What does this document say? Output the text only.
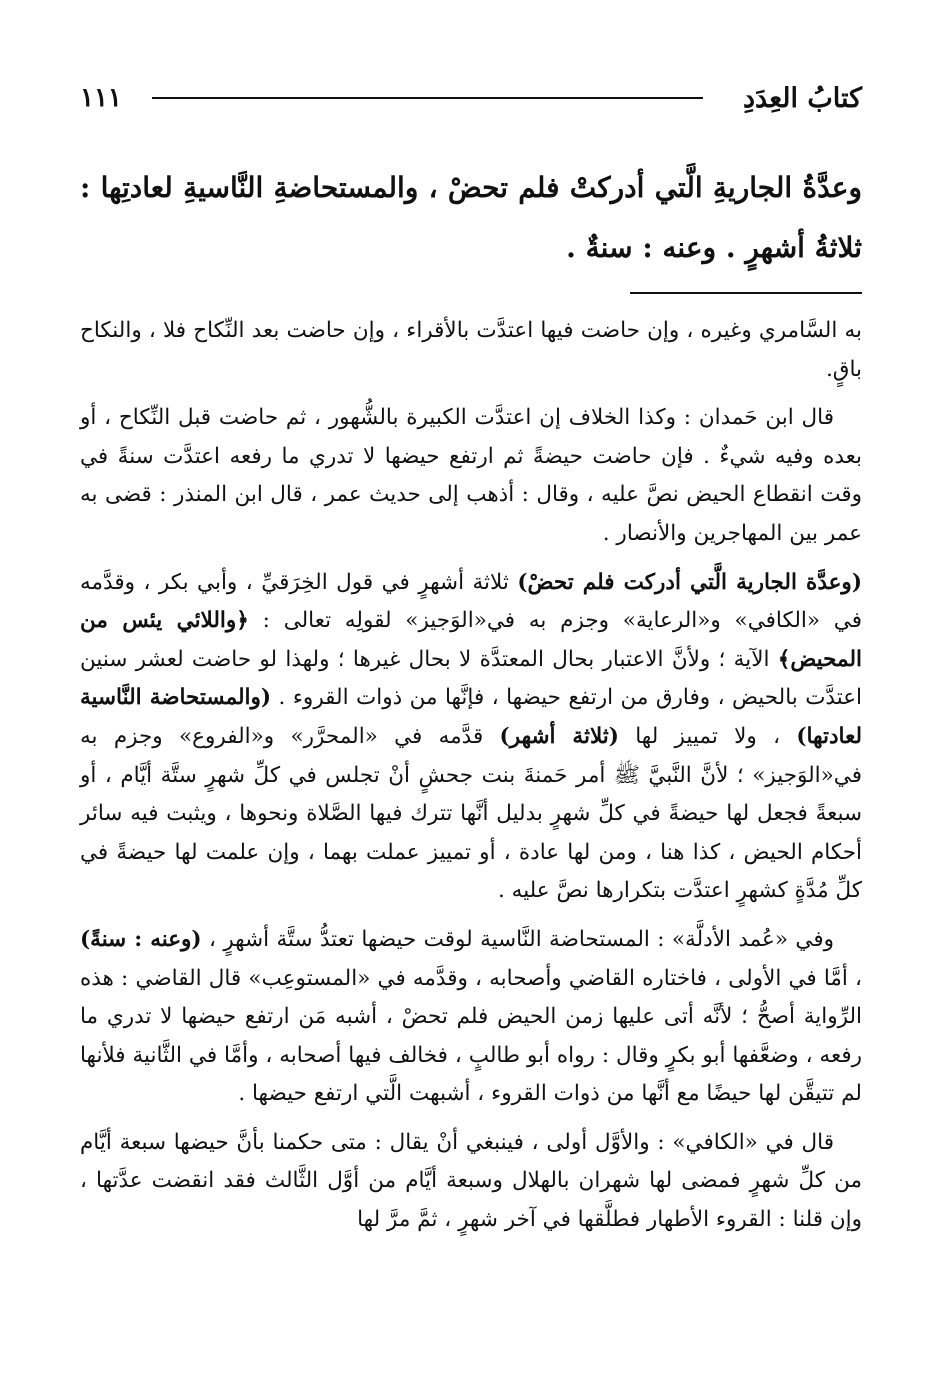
كتابُ العِدَدِ
١١١
وعدَّةُ الجاريةِ الَّتي أدركتْ فلم تحضْ ، والمستحاضةِ النَّاسيةِ لعادتِها : ثلاثةُ أشهرٍ . وعنه : سنةٌ .

به السَّامري وغيره ، وإن حاضت فيها اعتدَّت بالأقراء ، وإن حاضت بعد النِّكاح فلا ، والنكاح باقٍ.

قال ابن حَمدان : وكذا الخلاف إن اعتدَّت الكبيرة بالشُّهور ، ثم حاضت قبل النِّكاح ، أو بعده وفيه شيءٌ . فإن حاضت حيضةً ثم ارتفع حيضها لا تدري ما رفعه اعتدَّت سنةً في وقت انقطاع الحيض نصَّ عليه ، وقال : أذهب إلى حديث عمر ، قال ابن المنذر : قضى به عمر بين المهاجرين والأنصار .

(وعدَّة الجارية الَّتي أدركت فلم تحضْ) ثلاثة أشهرٍ في قول الخِرَقيِّ ، وأبي بكر ، وقدَّمه في «الكافي» و«الرعاية» وجزم به في«الوَجيز» لقولِه تعالى : ﴿واللائي يئس من المحيض﴾ الآية ؛ ولأنَّ الاعتبار بحال المعتدَّة لا بحال غيرها ؛ ولهذا لو حاضت لعشر سنين اعتدَّت بالحيض ، وفارق من ارتفع حيضها ، فإنَّها من ذوات القروء . (والمستحاضة النَّاسية لعادتها) ، ولا تمييز لها (ثلاثة أشهر) قدَّمه في «المحرَّر» و«الفروع» وجزم به في«الوَجيز» ؛ لأنَّ النَّبيَّ ﷺ أمر حَمنةَ بنت جحشٍ أنْ تجلس في كلِّ شهرٍ ستَّة أيَّام ، أو سبعةً فجعل لها حيضةً في كلِّ شهرٍ بدليل أنَّها تترك فيها الصَّلاة ونحوها ، ويثبت فيه سائر أحكام الحيض ، كذا هنا ، ومن لها عادة ، أو تمييز عملت بهما ، وإن علمت لها حيضةً في كلِّ مُدَّةٍ كشهرٍ اعتدَّت بتكرارها نصَّ عليه .

وفي «عُمد الأدلَّة» : المستحاضة النَّاسية لوقت حيضها تعتدُّ ستَّة أشهرٍ ، (وعنه : سنةً) ، أمَّا في الأولى ، فاختاره القاضي وأصحابه ، وقدَّمه في «المستوعِب» قال القاضي : هذه الرِّواية أصحُّ ؛ لأنَّه أتى عليها زمن الحيض فلم تحضْ ، أشبه مَن ارتفع حيضها لا تدري ما رفعه ، وضعَّفها أبو بكرٍ وقال : رواه أبو طالبٍ ، فخالف فيها أصحابه ، وأمَّا في الثَّانية فلأنها لم تتيقَّن لها حيضًا مع أنَّها من ذوات القروء ، أشبهت الَّتي ارتفع حيضها .

قال في «الكافي» : والأوَّل أولى ، فينبغي أنْ يقال : متى حكمنا بأنَّ حيضها سبعة أيَّام من كلِّ شهرٍ فمضى لها شهران بالهلال وسبعة أيَّام من أوَّل الثَّالث فقد انقضت عدَّتها ، وإن قلنا : القروء الأطهار فطلَّقها في آخر شهرٍ ، ثمَّ مرَّ لها
